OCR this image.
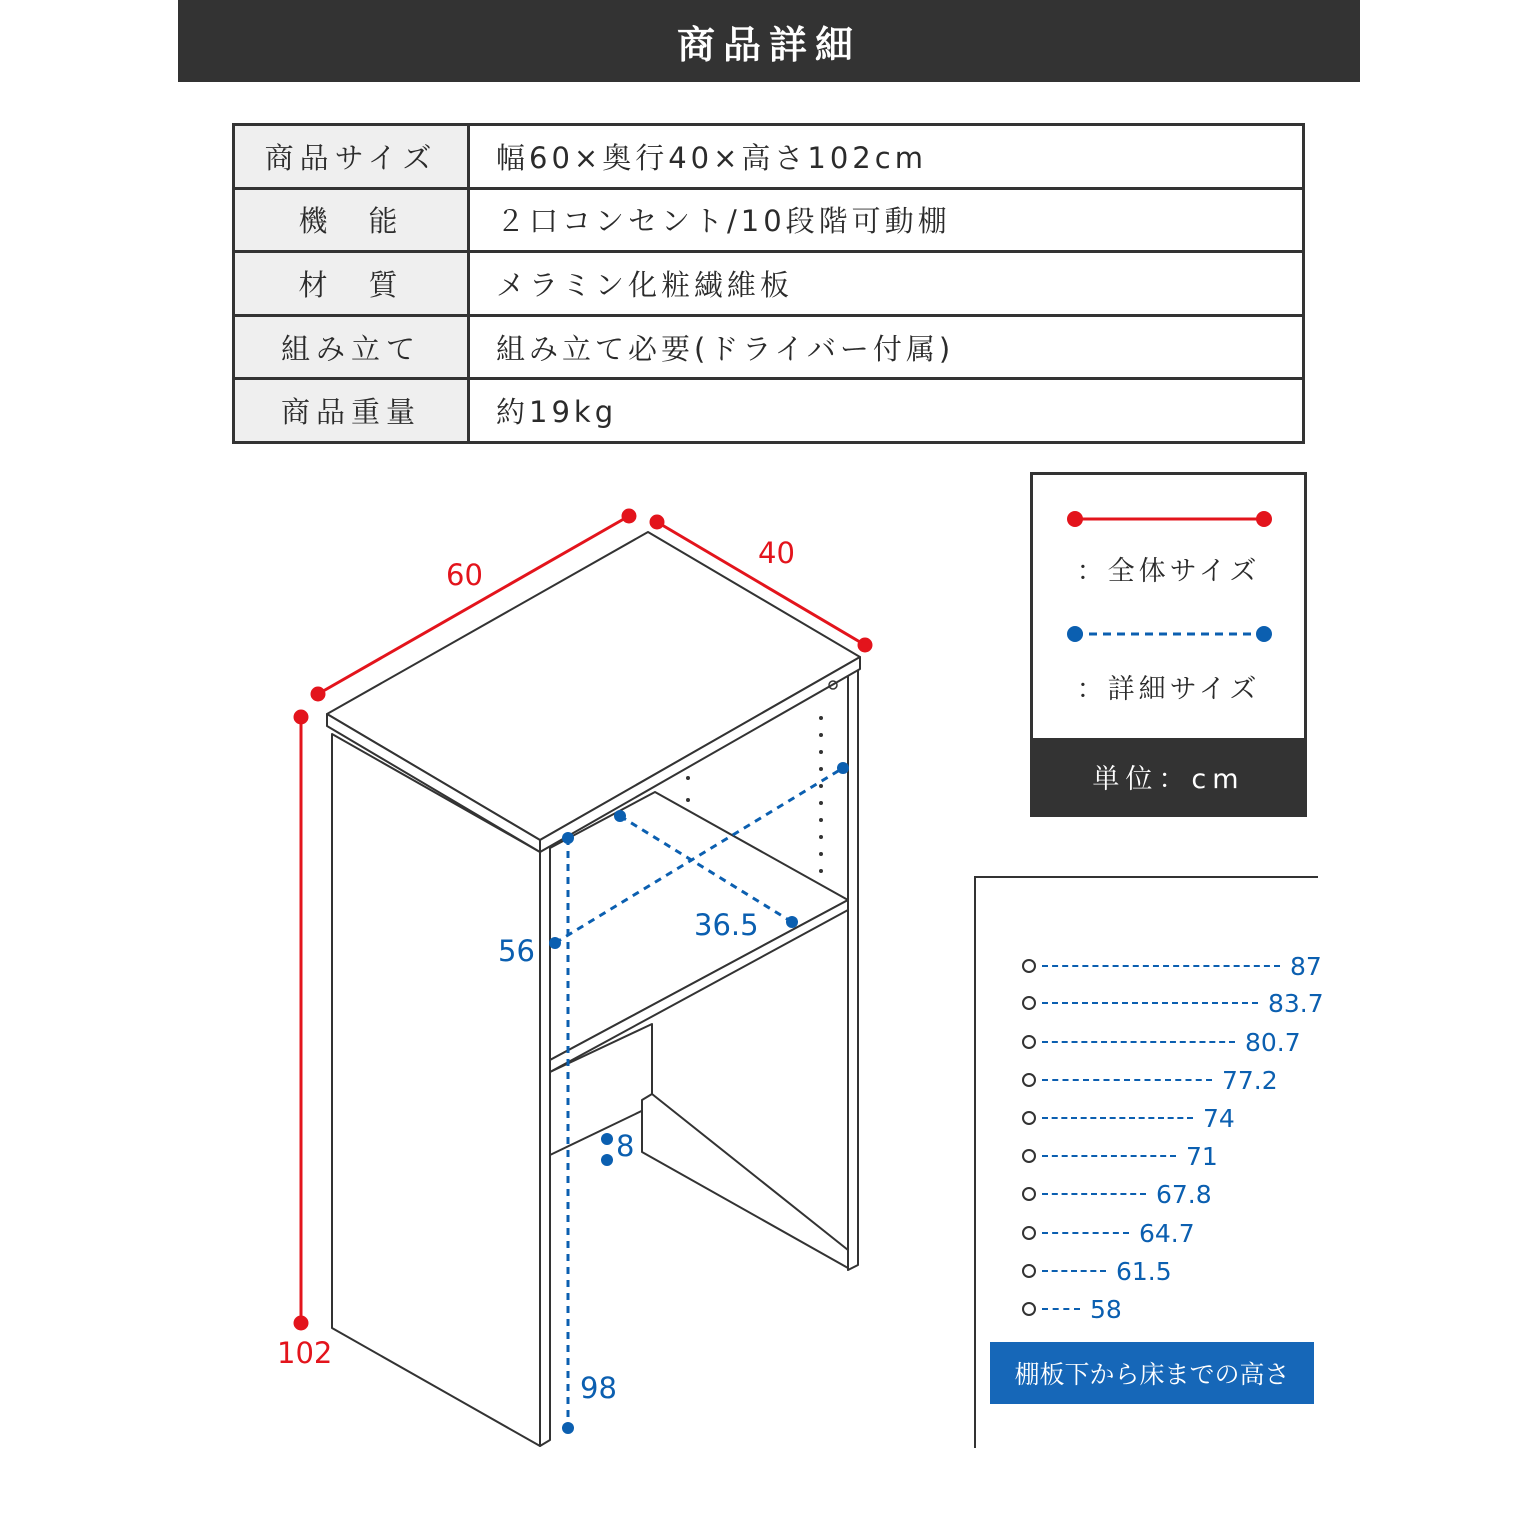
商品詳細
商品サイズ	幅60×奥行40×高さ102cm
機　能	２口コンセント/10段階可動棚
材　質	メラミン化粧繊維板
組み立て	組み立て必要(ドライバー付属)
商品重量	約19kg
60
40
102
56
36.5
8
98
：全体サイズ
：詳細サイズ
単位：cm
87
83.7
80.7
77.2
74
71
67.8
64.7
61.5
58
棚板下から床までの高さ
